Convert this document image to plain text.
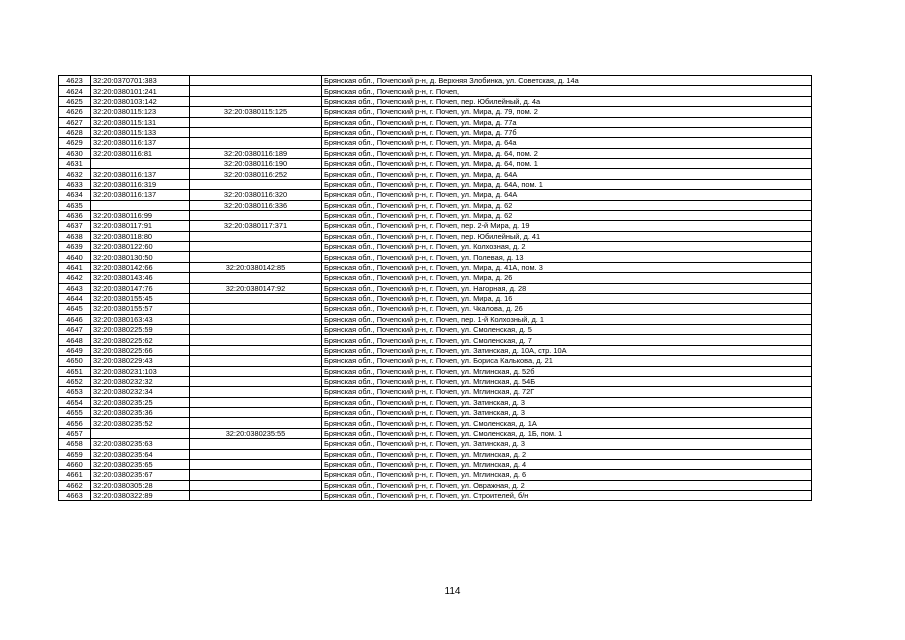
4623	32:20:0370701:383		Брянская обл., Почепский р-н, д. Верхняя Злобинка, ул. Советская, д. 14а
4624	32:20:0380101:241		Брянская обл., Почепский р-н, г. Почеп,
4625	32:20:0380103:142		Брянская обл., Почепский р-н, г. Почеп, пер. Юбилейный, д. 4а
4626	32:20:0380115:123	32:20:0380115:125	Брянская обл., Почепский р-н, г. Почеп, ул. Мира, д. 79, пом. 2
4627	32:20:0380115:131		Брянская обл., Почепский р-н, г. Почеп, ул. Мира, д. 77а
4628	32:20:0380115:133		Брянская обл., Почепский р-н, г. Почеп, ул. Мира, д. 77б
4629	32:20:0380116:137		Брянская обл., Почепский р-н, г. Почеп, ул. Мира, д. 64а
4630	32:20:0380116:81	32:20:0380116:189	Брянская обл., Почепский р-н, г. Почеп, ул. Мира, д. 64, пом. 2
4631		32:20:0380116:190	Брянская обл., Почепский р-н, г. Почеп, ул. Мира, д. 64, пом. 1
4632	32:20:0380116:137	32:20:0380116:252	Брянская обл., Почепский р-н, г. Почеп, ул. Мира, д. 64А
4633	32:20:0380116:319		Брянская обл., Почепский р-н, г. Почеп, ул. Мира, д. 64А, пом. 1
4634	32:20:0380116:137	32:20:0380116:320	Брянская обл., Почепский р-н, г. Почеп, ул. Мира, д. 64А
4635		32:20:0380116:336	Брянская обл., Почепский р-н, г. Почеп, ул. Мира, д. 62
4636	32:20:0380116:99		Брянская обл., Почепский р-н, г. Почеп, ул. Мира, д. 62
4637	32:20:0380117:91	32:20:0380117:371	Брянская обл., Почепский р-н, г. Почеп, пер. 2-й Мира, д. 19
4638	32:20:0380118:80		Брянская обл., Почепский р-н, г. Почеп, пер. Юбилейный, д. 41
4639	32:20:0380122:60		Брянская обл., Почепский р-н, г. Почеп, ул. Колхозная, д. 2
4640	32:20:0380130:50		Брянская обл., Почепский р-н, г. Почеп, ул. Полевая, д. 13
4641	32:20:0380142:66	32:20:0380142:85	Брянская обл., Почепский р-н, г. Почеп, ул. Мира, д. 41А, пом. 3
4642	32:20:0380143:46		Брянская обл., Почепский р-н, г. Почеп, ул. Мира, д. 26
4643	32:20:0380147:76	32:20:0380147:92	Брянская обл., Почепский р-н, г. Почеп, ул. Нагорная, д. 28
4644	32:20:0380155:45		Брянская обл., Почепский р-н, г. Почеп, ул. Мира, д. 16
4645	32:20:0380155:57		Брянская обл., Почепский р-н, г. Почеп, ул. Чкалова, д. 26
4646	32:20:0380163:43		Брянская обл., Почепский р-н, г. Почеп, пер. 1-й Колхозный, д. 1
4647	32:20:0380225:59		Брянская обл., Почепский р-н, г. Почеп, ул. Смоленская, д. 5
4648	32:20:0380225:62		Брянская обл., Почепский р-н, г. Почеп, ул. Смоленская, д. 7
4649	32:20:0380225:66		Брянская обл., Почепский р-н, г. Почеп, ул. Затинская, д. 10А, стр. 10А
4650	32:20:0380229:43		Брянская обл., Почепский р-н, г. Почеп, ул. Бориса Калькова, д. 21
4651	32:20:0380231:103		Брянская обл., Почепский р-н, г. Почеп, ул. Мглинская, д. 52б
4652	32:20:0380232:32		Брянская обл., Почепский р-н, г. Почеп, ул. Мглинская, д. 54Б
4653	32:20:0380232:34		Брянская обл., Почепский р-н, г. Почеп, ул. Мглинская, д. 72Г
4654	32:20:0380235:25		Брянская обл., Почепский р-н, г. Почеп, ул. Затинская, д. 3
4655	32:20:0380235:36		Брянская обл., Почепский р-н, г. Почеп, ул. Затинская, д. 3
4656	32:20:0380235:52		Брянская обл., Почепский р-н, г. Почеп, ул. Смоленская, д. 1А
4657		32:20:0380235:55	Брянская обл., Почепский р-н, г. Почеп, ул. Смоленская, д. 1Б, пом. 1
4658	32:20:0380235:63		Брянская обл., Почепский р-н, г. Почеп, ул. Затинская, д. 3
4659	32:20:0380235:64		Брянская обл., Почепский р-н, г. Почеп, ул. Мглинская, д. 2
4660	32:20:0380235:65		Брянская обл., Почепский р-н, г. Почеп, ул. Мглинская, д. 4
4661	32:20:0380235:67		Брянская обл., Почепский р-н, г. Почеп, ул. Мглинская, д. 6
4662	32:20:0380305:28		Брянская обл., Почепский р-н, г. Почеп, ул. Овражная, д. 2
4663	32:20:0380322:89		Брянская обл., Почепский р-н, г. Почеп, ул. Строителей, б/н
114
